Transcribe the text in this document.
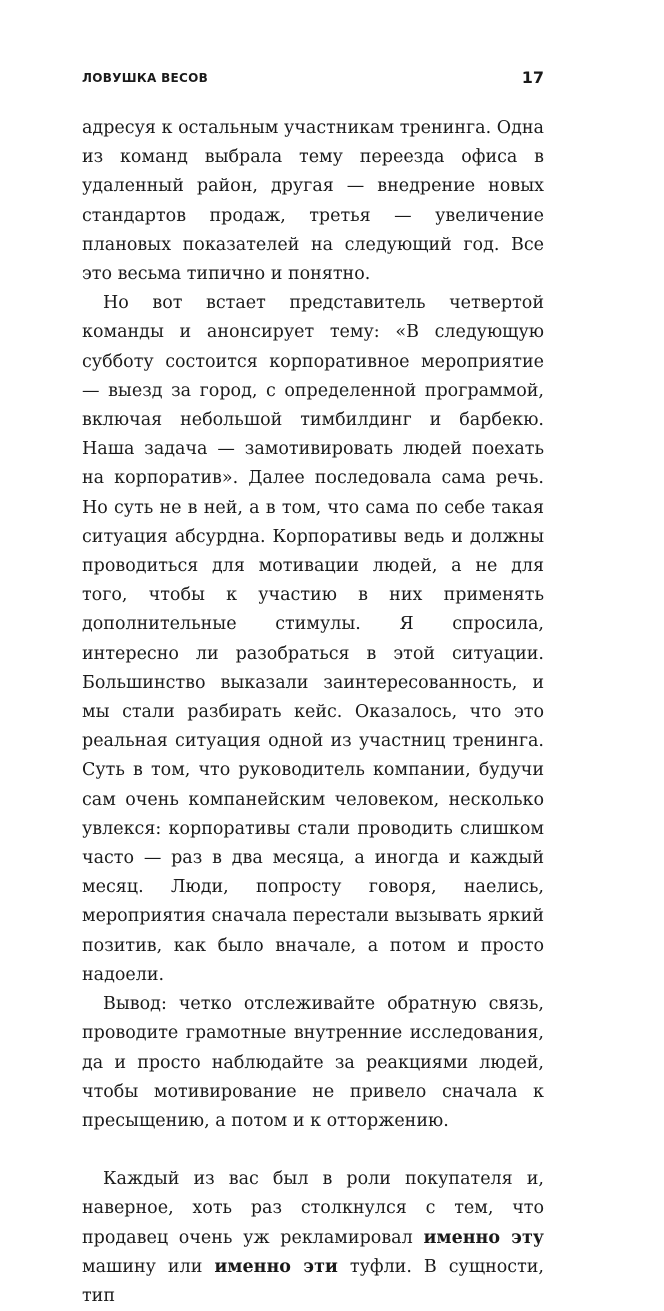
ЛОВУШКА ВЕСОВ	17

адресуя к остальным участникам тренинга. Одна из команд выбрала тему переезда офиса в удаленный район, другая — внедрение новых стандартов продаж, третья — увеличение плановых показателей на следующий год. Все это весьма типично и понятно.

Но вот встает представитель четвертой команды и анонсирует тему: «В следующую субботу состоится корпоративное мероприятие — выезд за город, с определенной программой, включая небольшой тимбилдинг и барбекю. Наша задача — замотивировать людей поехать на корпоратив». Далее последовала сама речь. Но суть не в ней, а в том, что сама по себе такая ситуация абсурдна. Корпоративы ведь и должны проводиться для мотивации людей, а не для того, чтобы к участию в них применять дополнительные стимулы. Я спросила, интересно ли разобраться в этой ситуации. Большинство выказали заинтересованность, и мы стали разбирать кейс. Оказалось, что это реальная ситуация одной из участниц тренинга. Суть в том, что руководитель компании, будучи сам очень компанейским человеком, несколько увлекся: корпоративы стали проводить слишком часто — раз в два месяца, а иногда и каждый месяц. Люди, попросту говоря, наелись, мероприятия сначала перестали вызывать яркий позитив, как было вначале, а потом и просто надоели.

Вывод: четко отслеживайте обратную связь, проводите грамотные внутренние исследования, да и просто наблюдайте за реакциями людей, чтобы мотивирование не привело сначала к пресыщению, а потом и к отторжению.

Каждый из вас был в роли покупателя и, наверное, хоть раз столкнулся с тем, что продавец очень уж рекламировал именно эту машину или именно эти туфли. В сущности, тип
